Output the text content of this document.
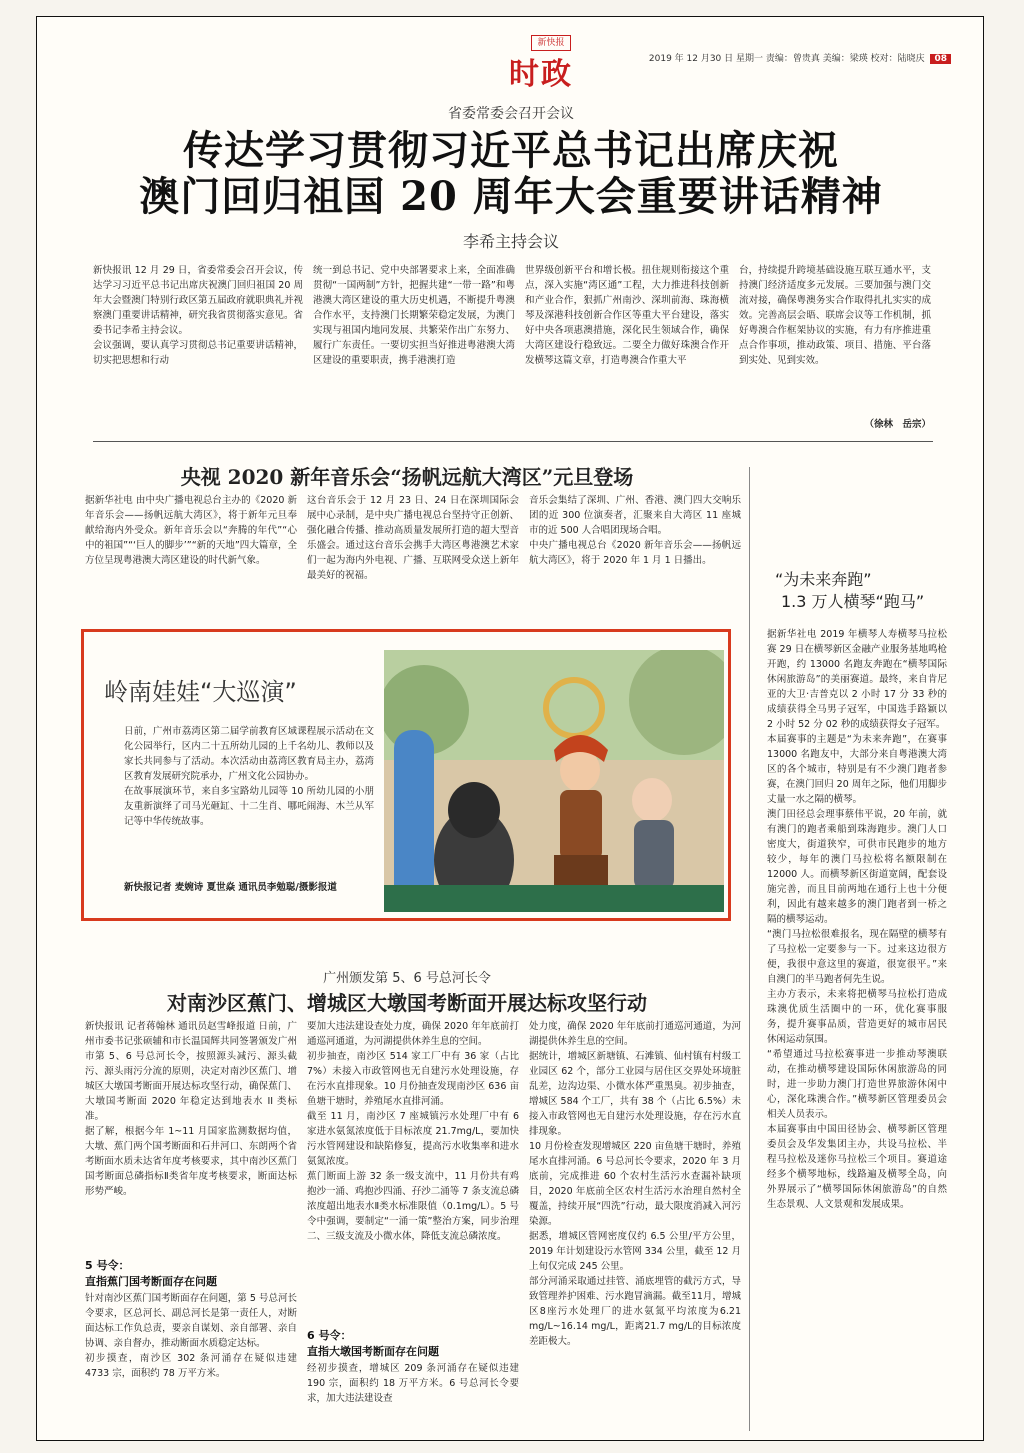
新快报
时政	2019 年 12 月30 日 星期一 责编：曾贵真 美编：梁瑛 校对：陆晓庆 08
省委常委会召开会议
传达学习贯彻习近平总书记出席庆祝
澳门回归祖国 20 周年大会重要讲话精神
李希主持会议
新快报讯 12 月 29 日，省委常委会召开会议，传达学习习近平总书记出席庆祝澳门回归祖国 20 周年大会暨澳门特别行政区第五届政府就职典礼并视察澳门重要讲话精神，研究我省贯彻落实意见。省委书记李希主持会议。
会议强调，要认真学习贯彻总书记重要讲话精神，切实把思想和行动
统一到总书记、党中央部署要求上来，全面准确贯彻“一国两制”方针，把握共建“一带一路”和粤港澳大湾区建设的重大历史机遇，不断提升粤澳合作水平，支持澳门长期繁荣稳定发展，为澳门实现与祖国内地同发展、共繁荣作出广东努力、履行广东责任。一要切实担当好推进粤港澳大湾区建设的重要职责，携手港澳打造
世界级创新平台和增长极。扭住规则衔接这个重点，深入实施“湾区通”工程，大力推进科技创新和产业合作，狠抓广州南沙、深圳前海、珠海横琴及深港科技创新合作区等重大平台建设，落实好中央各项惠澳措施，深化民生领域合作，确保大湾区建设行稳致远。二要全力做好珠澳合作开发横琴这篇文章，打造粤澳合作重大平
台，持续提升跨境基础设施互联互通水平，支持澳门经济适度多元发展。三要加强与澳门交流对接，确保粤澳务实合作取得扎扎实实的成效。完善高层会晤、联席会议等工作机制，抓好粤澳合作框架协议的实施，有力有序推进重点合作事项，推动政策、项目、措施、平台落到实处、见到实效。
（徐林　岳宗）
央视 2020 新年音乐会“扬帆远航大湾区”元旦登场
据新华社电 由中央广播电视总台主办的《2020 新年音乐会——扬帆远航大湾区》，将于新年元旦奉献给海内外受众。新年音乐会以“奔腾的年代”“心中的祖国”“‘巨人的脚步’”“新的天地”四大篇章，全方位呈现粤港澳大湾区建设的时代新气象。
这台音乐会于 12 月 23 日、24 日在深圳国际会展中心录制，是中央广播电视总台坚持守正创新、强化融合传播、推动高质量发展所打造的超大型音乐盛会。通过这台音乐会携手大湾区粤港澳艺术家们一起为海内外电视、广播、互联网受众送上新年最美好的祝福。
音乐会集结了深圳、广州、香港、澳门四大交响乐团的近 300 位演奏者，汇聚来自大湾区 11 座城市的近 500 人合唱团现场合唱。
中央广播电视总台《2020 新年音乐会——扬帆远航大湾区》，将于 2020 年 1 月 1 日播出。
岭南娃娃“大巡演”
日前，广州市荔湾区第二届学前教育区域课程展示活动在文化公园举行，区内二十五所幼儿园的上千名幼儿、教师以及家长共同参与了活动。本次活动由荔湾区教育局主办，荔湾区教育发展研究院承办，广州文化公园协办。
在故事展演环节，来自多宝路幼儿园等 10 所幼儿园的小朋友重新演绎了司马光砸缸、十二生肖、哪吒闹海、木兰从军记等中华传统故事。
新快报记者 麦婉诗 夏世焱 通讯员李勉聪/摄影报道
广州颁发第 5、6 号总河长令
对南沙区蕉门、增城区大墩国考断面开展达标攻坚行动
新快报讯 记者蒋翰林 通讯员赵雪峰报道 日前，广州市委书记张硕辅和市长温国辉共同签署颁发广州市第 5、6 号总河长令，按照源头减污、源头截污、源头雨污分流的原则，决定对南沙区蕉门、增城区大墩国考断面开展达标攻坚行动，确保蕉门、大墩国考断面 2020 年稳定达到地表水 II 类标准。
据了解，根据今年 1~11 月国家监测数据均值，大墩、蕉门两个国考断面和石井河口、东朗两个省考断面水质未达省年度考核要求，其中南沙区蕉门国考断面总磷指标Ⅱ类省年度考核要求，断面达标形势严峻。
5 号令：
直指蕉门国考断面存在问题
针对南沙区蕉门国考断面存在问题，第 5 号总河长令要求，区总河长、副总河长是第一责任人，对断面达标工作负总责，要亲自谋划、亲自部署、亲自协调、亲自督办，推动断面水质稳定达标。
初步摸查，南沙区 302 条河涌存在疑似违建 4733 宗，面积约 78 万平方米。
要加大违法建设查处力度，确保 2020 年年底前打通巡河通道，为河湖提供休养生息的空间。
初步抽查，南沙区 514 家工厂中有 36 家（占比 7%）未接入市政管网也无自建污水处理设施，存在污水直排现象。10 月份抽查发现南沙区 636 亩鱼塘干塘时，养殖尾水直排河涌。
截至 11 月，南沙区 7 座城镇污水处理厂中有 6 家进水氨氮浓度低于目标浓度 21.7mg/L，要加快污水管网建设和缺陷修复，提高污水收集率和进水氨氮浓度。
蕉门断面上游 32 条一级支流中，11 月份共有鸡抱沙一涌、鸡抱沙四涌、孖沙二涌等 7 条支流总磷浓度超出地表水Ⅱ类水标准限值（0.1mg/L）。5 号令中强调，要制定“一涌一策”整治方案，同步治理二、三级支流及小微水体，降低支流总磷浓度。
6 号令：
直指大墩国考断面存在问题
经初步摸查，增城区 209 条河涌存在疑似违建 190 宗，面积约 18 万平方米。6 号总河长令要求，加大违法建设查
处力度，确保 2020 年年底前打通巡河通道，为河湖提供休养生息的空间。
据统计，增城区新塘镇、石滩镇、仙村镇有村级工业园区 62 个，部分工业园与居住区交界处环境脏乱差，边沟边渠、小微水体严重黑臭。初步抽查，增城区 584 个工厂，共有 38 个（占比 6.5%）未接入市政管网也无自建污水处理设施，存在污水直排现象。
10 月份检查发现增城区 220 亩鱼塘干塘时，养殖尾水直排河涌。6 号总河长令要求，2020 年 3 月底前，完成推进 60 个农村生活污水查漏补缺项目，2020 年底前全区农村生活污水治理自然村全覆盖，持续开展“四洗”行动，最大限度消减入河污染源。
据悉，增城区管网密度仅约 6.5 公里/平方公里，2019 年计划建设污水管网 334 公里，截至 12 月上旬仅完成 245 公里。
部分河涌采取通过挂管、涌底埋管的截污方式，导致管理养护困难、污水跑冒滴漏。截至11月，增城区8座污水处理厂的进水氨氮平均浓度为6.21 mg/L~16.14 mg/L，距离21.7 mg/L的目标浓度差距极大。
“为未来奔跑”
1.3 万人横琴“跑马”
据新华社电 2019 年横琴人寿横琴马拉松赛 29 日在横琴新区金融产业服务基地鸣枪开跑，约 13000 名跑友奔跑在“横琴国际休闲旅游岛”的美丽赛道。最终，来自肯尼亚的大卫·吉普克以 2 小时 17 分 33 秒的成绩获得全马男子冠军，中国选手路颖以 2 小时 52 分 02 秒的成绩获得女子冠军。
本届赛事的主题是“为未来奔跑”，在赛事 13000 名跑友中，大部分来自粤港澳大湾区的各个城市，特别是有不少澳门跑者参赛，在澳门回归 20 周年之际，他们用脚步丈量一水之隔的横琴。
澳门田径总会理事蔡伟平说，20 年前，就有澳门的跑者乘船到珠海跑步。澳门人口密度大，街道狭窄，可供市民跑步的地方较少，每年的澳门马拉松将名额限制在 12000 人。而横琴新区街道宽阔，配套设施完善，而且目前两地在通行上也十分便利，因此有越来越多的澳门跑者到一桥之隔的横琴运动。
“澳门马拉松很难报名，现在隔壁的横琴有了马拉松一定要参与一下。过来这边很方便，我很中意这里的赛道，很宽很平。”来自澳门的半马跑者何先生说。
主办方表示，未来将把横琴马拉松打造成珠澳优质生活圈中的一环，优化赛事服务，提升赛事品质，营造更好的城市居民休闲运动氛围。
“希望通过马拉松赛事进一步推动琴澳联动，在推动横琴建设国际休闲旅游岛的同时，进一步助力澳门打造世界旅游休闲中心，深化珠澳合作。”横琴新区管理委员会相关人员表示。
本届赛事由中国田径协会、横琴新区管理委员会及华发集团主办，共设马拉松、半程马拉松及迷你马拉松三个项目。赛道途经多个横琴地标，线路遍及横琴全岛，向外界展示了“横琴国际休闲旅游岛”的自然生态景观、人文景观和发展成果。
